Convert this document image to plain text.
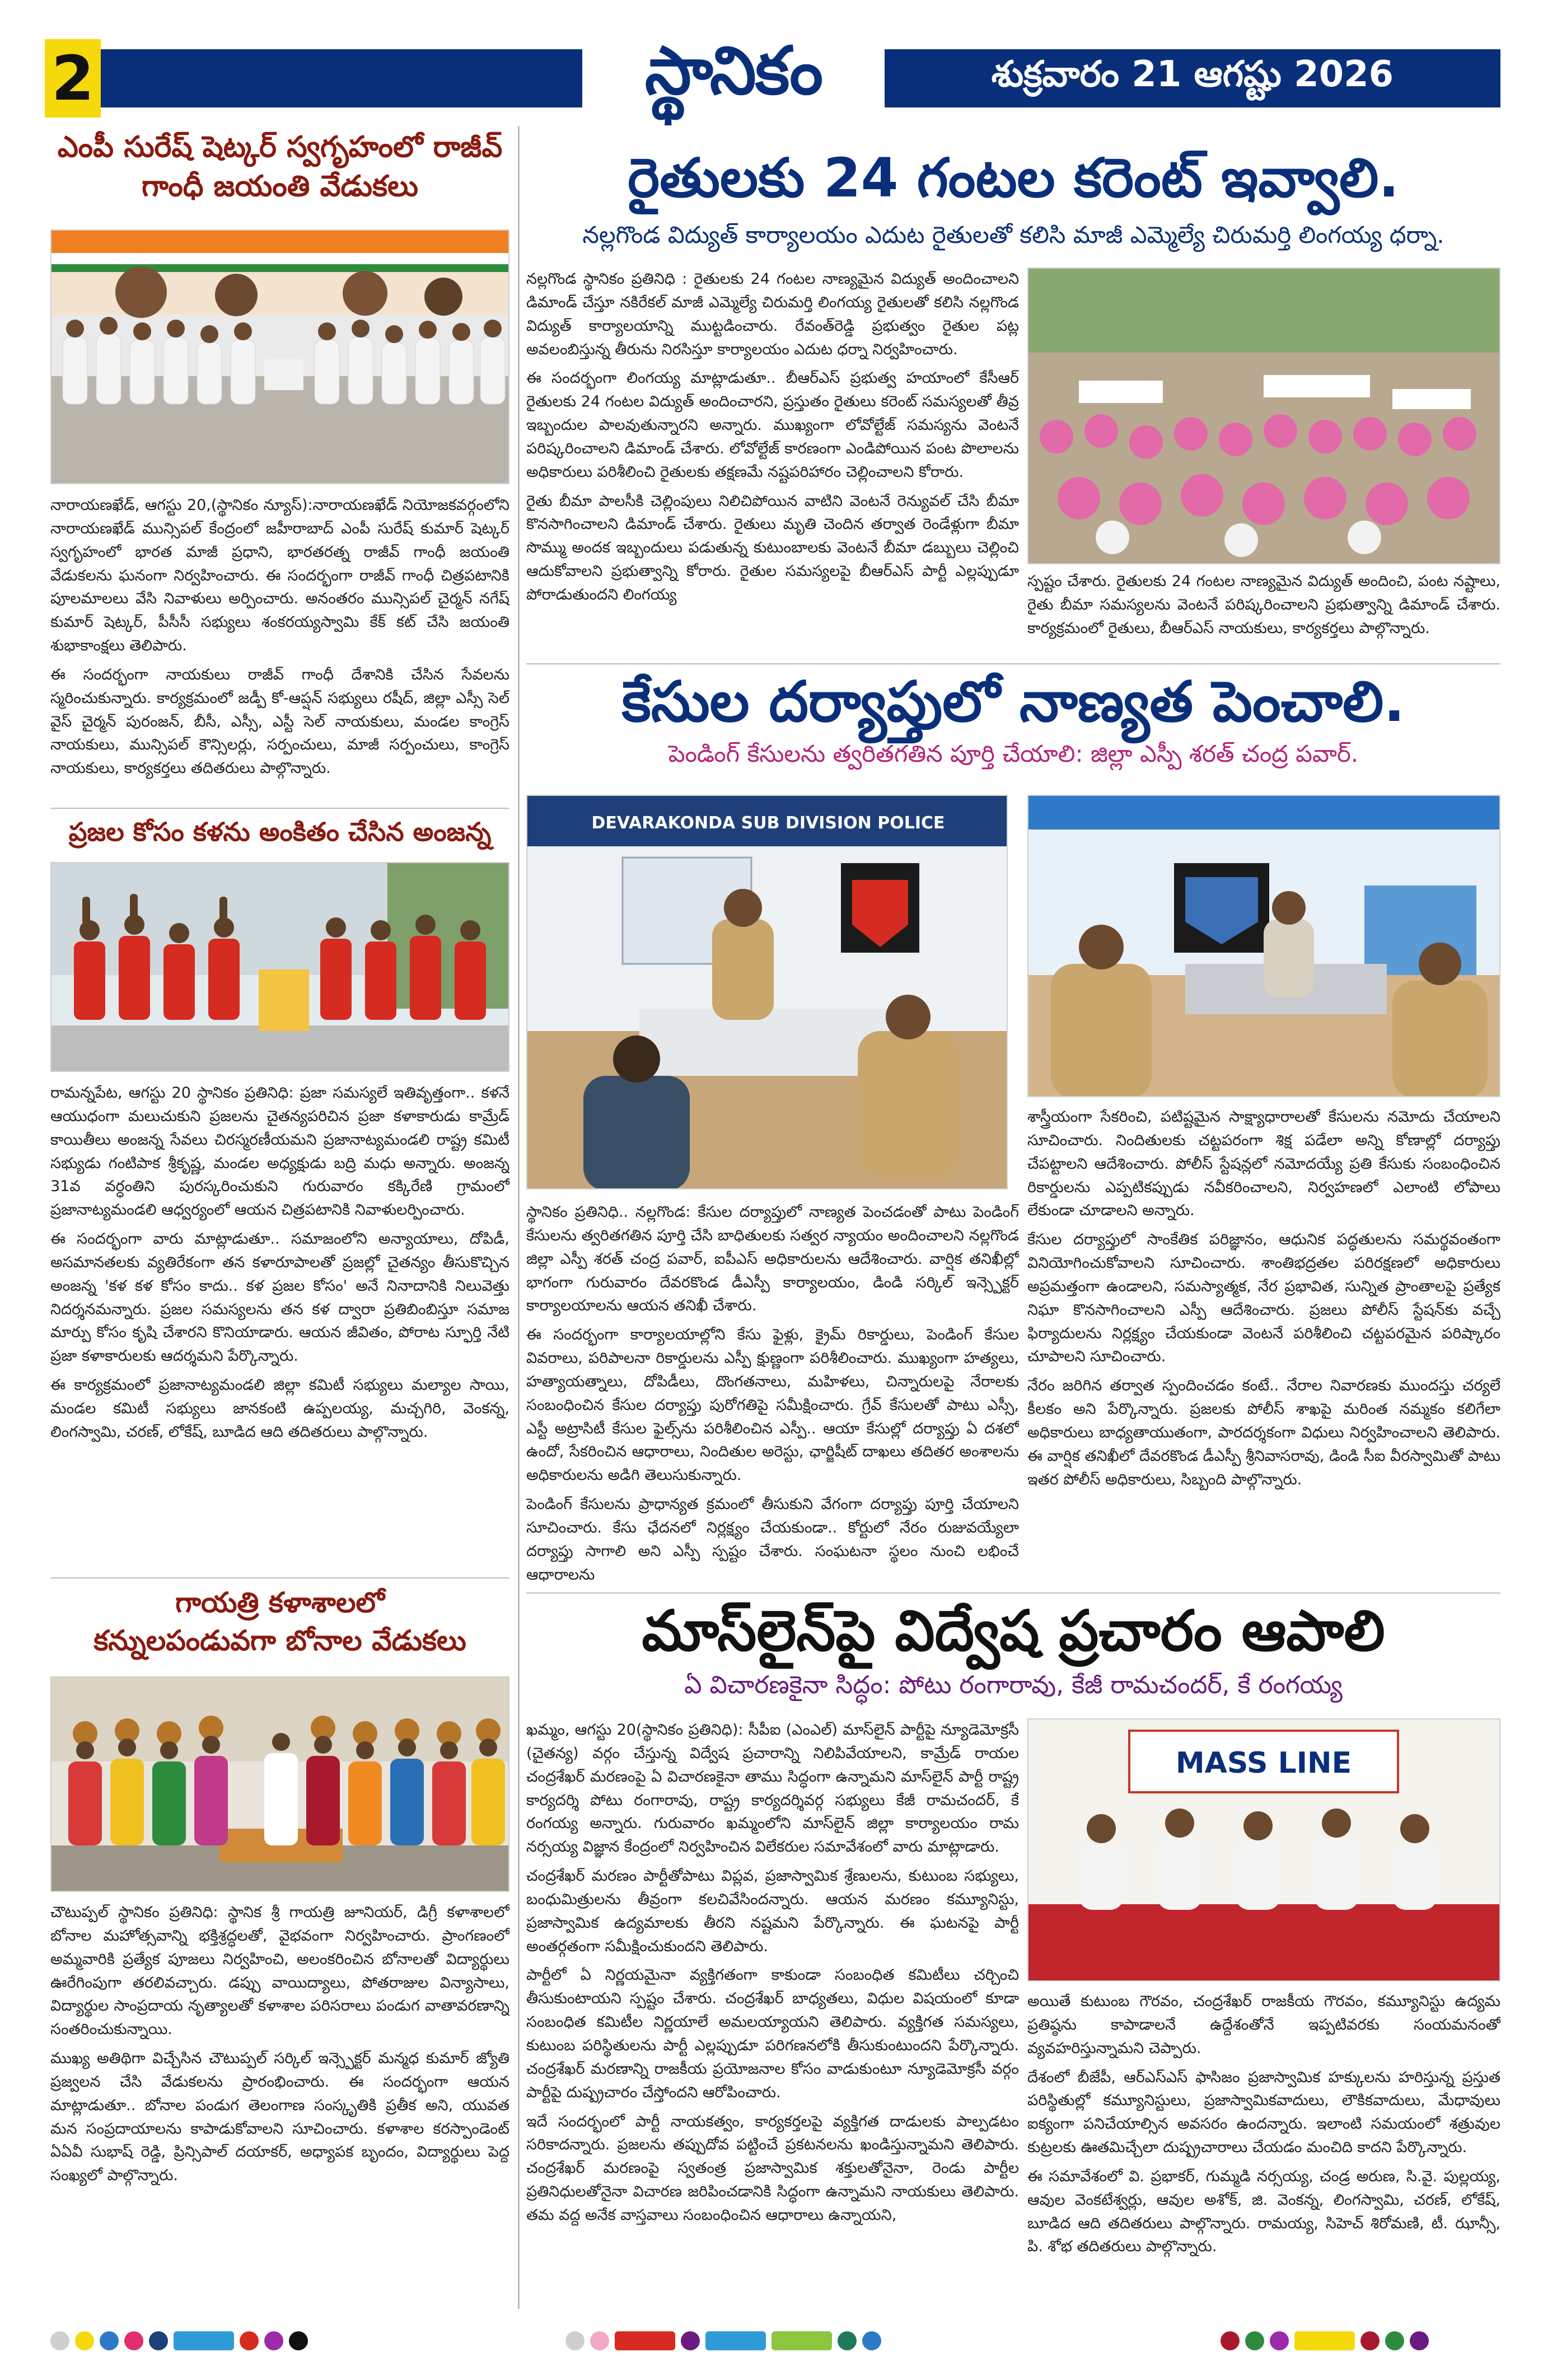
2	స్థానికం	శుక్రవారం 21 ఆగష్టు 2026
ఎంపీ సురేష్ షెట్కర్ స్వగృహంలో రాజీవ్
గాంధీ జయంతి వేడుకలు

నారాయణఖేడ్, ఆగస్టు 20,(స్థానికం న్యూస్):నారాయణఖేడ్ నియోజకవర్గంలోని నారాయణఖేడ్ మున్సిపల్ కేంద్రంలో జహీరాబాద్ ఎంపీ సురేష్ కుమార్ షెట్కర్ స్వగృహంలో భారత మాజీ ప్రధాని, భారతరత్న రాజీవ్ గాంధీ జయంతి వేడుకలను ఘనంగా నిర్వహించారు. ఈ సందర్భంగా రాజీవ్ గాంధీ చిత్రపటానికి పూలమాలలు వేసి నివాళులు అర్పించారు. అనంతరం మున్సిపల్ చైర్మన్ నగేష్ కుమార్ షెట్కర్, పీసీసీ సభ్యులు శంకరయ్యస్వామి కేక్ కట్ చేసి జయంతి శుభాకాంక్షలు తెలిపారు.

ఈ సందర్భంగా నాయకులు రాజీవ్ గాంధీ దేశానికి చేసిన సేవలను స్మరించుకున్నారు. కార్యక్రమంలో జడ్పీ కో-ఆప్షన్ సభ్యులు రషీద్, జిల్లా ఎస్సీ సెల్ వైస్ చైర్మన్ పురంజన్, బీసీ, ఎస్సీ, ఎస్టీ సెల్ నాయకులు, మండల కాంగ్రెస్ నాయకులు, మున్సిపల్ కౌన్సిలర్లు, సర్పంచులు, మాజీ సర్పంచులు, కాంగ్రెస్ నాయకులు, కార్యకర్తలు తదితరులు పాల్గొన్నారు.

ప్రజల కోసం కళను అంకితం చేసిన అంజన్న

రామన్నపేట, ఆగస్టు 20 స్థానికం ప్రతినిధి: ప్రజా సమస్యలే ఇతివృత్తంగా.. కళనే ఆయుధంగా మలుచుకుని ప్రజలను చైతన్యపరిచిన ప్రజా కళాకారుడు కామ్రేడ్ కాయితీలు అంజన్న సేవలు చిరస్మరణీయమని ప్రజానాట్యమండలి రాష్ట్ర కమిటీ సభ్యుడు గంటిపాక శ్రీకృష్ణ, మండల అధ్యక్షుడు బద్రి మధు అన్నారు. అంజన్న 31వ వర్ధంతిని పురస్కరించుకుని గురువారం కక్కిరేణి గ్రామంలో ప్రజానాట్యమండలి ఆధ్వర్యంలో ఆయన చిత్రపటానికి నివాళులర్పించారు.

ఈ సందర్భంగా వారు మాట్లాడుతూ.. సమాజంలోని అన్యాయాలు, దోపిడీ, అసమానతలకు వ్యతిరేకంగా తన కళారూపాలతో ప్రజల్లో చైతన్యం తీసుకొచ్చిన అంజన్న 'కళ కళ కోసం కాదు.. కళ ప్రజల కోసం' అనే నినాదానికి నిలువెత్తు నిదర్శనమన్నారు. ప్రజల సమస్యలను తన కళ ద్వారా ప్రతిబింబిస్తూ సమాజ మార్పు కోసం కృషి చేశారని కొనియాడారు. ఆయన జీవితం, పోరాట స్ఫూర్తి నేటి ప్రజా కళాకారులకు ఆదర్శమని పేర్కొన్నారు.

ఈ కార్యక్రమంలో ప్రజానాట్యమండలి జిల్లా కమిటీ సభ్యులు మల్యాల సాయి, మండల కమిటీ సభ్యులు జానకంటి ఉప్పలయ్య, మచ్చగిరి, వెంకన్న, లింగస్వామి, చరణ్, లోకేష్, బూడిద ఆది తదితరులు పాల్గొన్నారు.

గాయత్రి కళాశాలలో
కన్నులపండువగా బోనాల వేడుకలు

చౌటుప్పల్ స్థానికం ప్రతినిధి: స్థానిక శ్రీ గాయత్రి జూనియర్, డిగ్రీ కళాశాలలో బోనాల మహోత్సవాన్ని భక్తిశ్రద్ధలతో, వైభవంగా నిర్వహించారు. ప్రాంగణంలో అమ్మవారికి ప్రత్యేక పూజలు నిర్వహించి, అలంకరించిన బోనాలతో విద్యార్థులు ఊరేగింపుగా తరలివచ్చారు. డప్పు వాయిద్యాలు, పోతరాజుల విన్యాసాలు, విద్యార్థుల సాంప్రదాయ నృత్యాలతో కళాశాల పరిసరాలు పండుగ వాతావరణాన్ని సంతరించుకున్నాయి.

ముఖ్య అతిథిగా విచ్చేసిన చౌటుప్పల్ సర్కిల్ ఇన్స్పెక్టర్ మన్మధ కుమార్ జ్యోతి ప్రజ్వలన చేసి వేడుకలను ప్రారంభించారు. ఈ సందర్భంగా ఆయన మాట్లాడుతూ.. బోనాల పండుగ తెలంగాణ సంస్కృతికి ప్రతీక అని, యువత మన సంప్రదాయాలను కాపాడుకోవాలని సూచించారు. కళాశాల కరస్పాండెంట్ ఏఏవీ సుభాష్ రెడ్డి, ప్రిన్సిపాల్ దయాకర్, అధ్యాపక బృందం, విద్యార్థులు పెద్ద సంఖ్యలో పాల్గొన్నారు.

రైతులకు 24 గంటల కరెంట్ ఇవ్వాలి.
నల్లగొండ విద్యుత్ కార్యాలయం ఎదుట రైతులతో కలిసి మాజీ ఎమ్మెల్యే చిరుమర్తి లింగయ్య ధర్నా.

నల్లగొండ స్థానికం ప్రతినిధి : రైతులకు 24 గంటల నాణ్యమైన విద్యుత్ అందించాలని డిమాండ్ చేస్తూ నకిరేకల్ మాజీ ఎమ్మెల్యే చిరుమర్తి లింగయ్య రైతులతో కలిసి నల్లగొండ విద్యుత్ కార్యాలయాన్ని ముట్టడించారు. రేవంత్‌రెడ్డి ప్రభుత్వం రైతుల పట్ల అవలంబిస్తున్న తీరును నిరసిస్తూ కార్యాలయం ఎదుట ధర్నా నిర్వహించారు.

ఈ సందర్భంగా లింగయ్య మాట్లాడుతూ.. బీఆర్ఎస్ ప్రభుత్వ హయాంలో కేసీఆర్ రైతులకు 24 గంటల విద్యుత్ అందించారని, ప్రస్తుతం రైతులు కరెంట్ సమస్యలతో తీవ్ర ఇబ్బందుల పాలవుతున్నారని అన్నారు. ముఖ్యంగా లోవోల్టేజ్ సమస్యను వెంటనే పరిష్కరించాలని డిమాండ్ చేశారు. లోవోల్టేజ్ కారణంగా ఎండిపోయిన పంట పొలాలను అధికారులు పరిశీలించి రైతులకు తక్షణమే నష్టపరిహారం చెల్లించాలని కోరారు.

రైతు బీమా పాలసీకి చెల్లింపులు నిలిచిపోయిన వాటిని వెంటనే రెన్యువల్ చేసి బీమా కొనసాగించాలని డిమాండ్ చేశారు. రైతులు మృతి చెందిన తర్వాత రెండేళ్లుగా బీమా సొమ్ము అందక ఇబ్బందులు పడుతున్న కుటుంబాలకు వెంటనే బీమా డబ్బులు చెల్లించి ఆదుకోవాలని ప్రభుత్వాన్ని కోరారు. రైతుల సమస్యలపై బీఆర్ఎస్ పార్టీ ఎల్లప్పుడూ పోరాడుతుందని లింగయ్య

స్పష్టం చేశారు. రైతులకు 24 గంటల నాణ్యమైన విద్యుత్ అందించి, పంట నష్టాలు, రైతు బీమా సమస్యలను వెంటనే పరిష్కరించాలని ప్రభుత్వాన్ని డిమాండ్ చేశారు. కార్యక్రమంలో రైతులు, బీఆర్ఎస్ నాయకులు, కార్యకర్తలు పాల్గొన్నారు.

కేసుల దర్యాప్తులో నాణ్యత పెంచాలి.
పెండింగ్ కేసులను త్వరితగతిన పూర్తి చేయాలి: జిల్లా ఎస్పీ శరత్ చంద్ర పవార్.
DEVARAKONDA SUB DIVISION POLICE

స్థానికం ప్రతినిధి.. నల్లగొండ: కేసుల దర్యాప్తులో నాణ్యత పెంచడంతో పాటు పెండింగ్ కేసులను త్వరితగతిన పూర్తి చేసి బాధితులకు సత్వర న్యాయం అందించాలని నల్లగొండ జిల్లా ఎస్పీ శరత్ చంద్ర పవార్, ఐపీఎస్ అధికారులను ఆదేశించారు. వార్షిక తనిఖీల్లో భాగంగా గురువారం దేవరకొండ డీఎస్పీ కార్యాలయం, డిండి సర్కిల్ ఇన్స్పెక్టర్ కార్యాలయాలను ఆయన తనిఖీ చేశారు.

ఈ సందర్భంగా కార్యాలయాల్లోని కేసు ఫైళ్లు, క్రైమ్ రికార్డులు, పెండింగ్ కేసుల వివరాలు, పరిపాలనా రికార్డులను ఎస్పీ క్షుణ్ణంగా పరిశీలించారు. ముఖ్యంగా హత్యలు, హత్యాయత్నాలు, దోపిడీలు, దొంగతనాలు, మహిళలు, చిన్నారులపై నేరాలకు సంబంధించిన కేసుల దర్యాప్తు పురోగతిపై సమీక్షించారు. గ్రేవ్ కేసులతో పాటు ఎస్సీ, ఎస్టీ అట్రాసిటీ కేసుల ఫైల్స్‌ను పరిశీలించిన ఎస్పీ.. ఆయా కేసుల్లో దర్యాప్తు ఏ దశలో ఉందో, సేకరించిన ఆధారాలు, నిందితుల అరెస్టు, ఛార్జిషీట్ దాఖలు తదితర అంశాలను అధికారులను అడిగి తెలుసుకున్నారు.

పెండింగ్ కేసులను ప్రాధాన్యత క్రమంలో తీసుకుని వేగంగా దర్యాప్తు పూర్తి చేయాలని సూచించారు. కేసు ఛేదనలో నిర్లక్ష్యం చేయకుండా.. కోర్టులో నేరం రుజువయ్యేలా దర్యాప్తు సాగాలి అని ఎస్పీ స్పష్టం చేశారు. సంఘటనా స్థలం నుంచి లభించే ఆధారాలను

శాస్త్రీయంగా సేకరించి, పటిష్టమైన సాక్ష్యాధారాలతో కేసులను నమోదు చేయాలని సూచించారు. నిందితులకు చట్టపరంగా శిక్ష పడేలా అన్ని కోణాల్లో దర్యాప్తు చేపట్టాలని ఆదేశించారు. పోలీస్ స్టేషన్లలో నమోదయ్యే ప్రతి కేసుకు సంబంధించిన రికార్డులను ఎప్పటికప్పుడు నవీకరించాలని, నిర్వహణలో ఎలాంటి లోపాలు లేకుండా చూడాలని అన్నారు.

కేసుల దర్యాప్తులో సాంకేతిక పరిజ్ఞానం, ఆధునిక పద్ధతులను సమర్థవంతంగా వినియోగించుకోవాలని సూచించారు. శాంతిభద్రతల పరిరక్షణలో అధికారులు అప్రమత్తంగా ఉండాలని, సమస్యాత్మక, నేర ప్రభావిత, సున్నిత ప్రాంతాలపై ప్రత్యేక నిఘా కొనసాగించాలని ఎస్పీ ఆదేశించారు. ప్రజలు పోలీస్ స్టేషన్‌కు వచ్చే ఫిర్యాదులను నిర్లక్ష్యం చేయకుండా వెంటనే పరిశీలించి చట్టపరమైన పరిష్కారం చూపాలని సూచించారు.

నేరం జరిగిన తర్వాత స్పందించడం కంటే.. నేరాల నివారణకు ముందస్తు చర్యలే కీలకం అని పేర్కొన్నారు. ప్రజలకు పోలీస్ శాఖపై మరింత నమ్మకం కలిగేలా అధికారులు బాధ్యతాయుతంగా, పారదర్శకంగా విధులు నిర్వహించాలని తెలిపారు. ఈ వార్షిక తనిఖీలో దేవరకొండ డీఎస్పీ శ్రీనివాసరావు, డిండి సీఐ వీరస్వామితో పాటు ఇతర పోలీస్ అధికారులు, సిబ్బంది పాల్గొన్నారు.

మాస్‌లైన్‌పై విద్వేష ప్రచారం ఆపాలి
ఏ విచారణకైనా సిద్ధం: పోటు రంగారావు, కేజీ రామచందర్, కే రంగయ్య

ఖమ్మం, ఆగస్టు 20(స్థానికం ప్రతినిధి): సీపీఐ (ఎంఎల్) మాస్‌లైన్ పార్టీపై న్యూడెమోక్రసీ (చైతన్య) వర్గం చేస్తున్న విద్వేష ప్రచారాన్ని నిలిపివేయాలని, కామ్రేడ్ రాయల చంద్రశేఖర్ మరణంపై ఏ విచారణకైనా తాము సిద్ధంగా ఉన్నామని మాస్‌లైన్ పార్టీ రాష్ట్ర కార్యదర్శి పోటు రంగారావు, రాష్ట్ర కార్యదర్శివర్గ సభ్యులు కేజీ రామచందర్, కే రంగయ్య అన్నారు. గురువారం ఖమ్మంలోని మాస్‌లైన్ జిల్లా కార్యాలయం రామ నర్సయ్య విజ్ఞాన కేంద్రంలో నిర్వహించిన విలేకరుల సమావేశంలో వారు మాట్లాడారు.

చంద్రశేఖర్ మరణం పార్టీతోపాటు విప్లవ, ప్రజాస్వామిక శ్రేణులను, కుటుంబ సభ్యులు, బంధుమిత్రులను తీవ్రంగా కలచివేసిందన్నారు. ఆయన మరణం కమ్యూనిస్టు, ప్రజాస్వామిక ఉద్యమాలకు తీరని నష్టమని పేర్కొన్నారు. ఈ ఘటనపై పార్టీ అంతర్గతంగా సమీక్షించుకుందని తెలిపారు.

పార్టీలో ఏ నిర్ణయమైనా వ్యక్తిగతంగా కాకుండా సంబంధిత కమిటీలు చర్చించి తీసుకుంటాయని స్పష్టం చేశారు. చంద్రశేఖర్ బాధ్యతలు, విధుల విషయంలో కూడా సంబంధిత కమిటీల నిర్ణయాలే అమలయ్యాయని తెలిపారు. వ్యక్తిగత సమస్యలు, కుటుంబ పరిస్థితులను పార్టీ ఎల్లప్పుడూ పరిగణనలోకి తీసుకుంటుందని పేర్కొన్నారు. చంద్రశేఖర్ మరణాన్ని రాజకీయ ప్రయోజనాల కోసం వాడుకుంటూ న్యూడెమోక్రసీ వర్గం పార్టీపై దుష్ప్రచారం చేస్తోందని ఆరోపించారు.

ఇదే సందర్భంలో పార్టీ నాయకత్వం, కార్యకర్తలపై వ్యక్తిగత దాడులకు పాల్పడటం సరికాదన్నారు. ప్రజలను తప్పుదోవ పట్టించే ప్రకటనలను ఖండిస్తున్నామని తెలిపారు. చంద్రశేఖర్ మరణంపై స్వతంత్ర ప్రజాస్వామిక శక్తులతోనైనా, రెండు పార్టీల ప్రతినిధులతోనైనా విచారణ జరిపించడానికి సిద్ధంగా ఉన్నామని నాయకులు తెలిపారు. తమ వద్ద అనేక వాస్తవాలు సంబంధించిన ఆధారాలు ఉన్నాయని,

MASS LINE

అయితే కుటుంబ గౌరవం, చంద్రశేఖర్ రాజకీయ గౌరవం, కమ్యూనిస్టు ఉద్యమ ప్రతిష్ఠను కాపాడాలనే ఉద్దేశంతోనే ఇప్పటివరకు సంయమనంతో వ్యవహరిస్తున్నామని చెప్పారు.

దేశంలో బీజేపీ, ఆర్ఎస్ఎస్ ఫాసిజం ప్రజాస్వామిక హక్కులను హరిస్తున్న ప్రస్తుత పరిస్థితుల్లో కమ్యూనిస్టులు, ప్రజాస్వామికవాదులు, లౌకికవాదులు, మేధావులు ఐక్యంగా పనిచేయాల్సిన అవసరం ఉందన్నారు. ఇలాంటి సమయంలో శత్రువుల కుట్రలకు ఊతమిచ్చేలా దుష్ప్రచారాలు చేయడం మంచిది కాదని పేర్కొన్నారు.

ఈ సమావేశంలో వి. ప్రభాకర్, గుమ్మడి నర్సయ్య, చండ్ర అరుణ, సి.వై. పుల్లయ్య, ఆవుల వెంకటేశ్వర్లు, ఆవుల అశోక్, జి. వెంకన్న, లింగస్వామి, చరణ్, లోకేష్, బూడిద ఆది తదితరులు పాల్గొన్నారు. రామయ్య, సిహెచ్ శిరోమణి, టీ. ఝాన్సీ, పి. శోభ తదితరులు పాల్గొన్నారు.
